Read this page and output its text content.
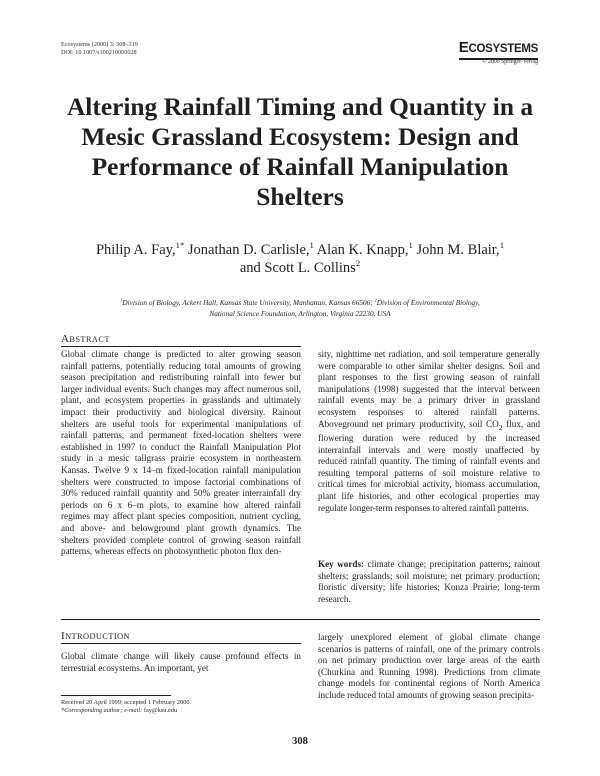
Ecosystems (2000) 3: 308–319
DOI: 10.1007/s100210000028	ECOSYSTEMS
© 2000 Springer-Verlag
Altering Rainfall Timing and Quantity in a Mesic Grassland Ecosystem: Design and Performance of Rainfall Manipulation Shelters
Philip A. Fay,$^{1*}$ Jonathan D. Carlisle,$^1$ Alan K. Knapp,$^1$ John M. Blair,$^1$
and Scott L. Collins$^2$
$^1$Division of Biology, Ackert Hall, Kansas State University, Manhattan, Kansas 66506; $^2$Division of Environmental Biology,
National Science Foundation, Arlington, Virginia 22230, USA
ABSTRACT

Global climate change is predicted to alter growing season rainfall patterns, potentially reducing total amounts of growing season precipitation and redistributing rainfall into fewer but larger individual events. Such changes may affect numerous soil, plant, and ecosystem properties in grasslands and ultimately impact their productivity and biological diversity. Rainout shelters are useful tools for experimental manipulations of rainfall patterns, and permanent fixed-location shelters were established in 1997 to conduct the Rainfall Manipulation Plot study in a mesic tallgrass prairie ecosystem in northeastern Kansas. Twelve 9 x 14–m fixed-location rainfall manipulation shelters were constructed to impose factorial combinations of 30% reduced rainfall quantity and 50% greater interrainfall dry periods on 6 x 6–m plots, to examine how altered rainfall regimes may affect plant species composition, nutrient cycling, and above- and belowground plant growth dynamics. The shelters provided complete control of growing season rainfall patterns, whereas effects on photosynthetic photon flux den-

sity, nighttime net radiation, and soil temperature generally were comparable to other similar shelter designs. Soil and plant responses to the first growing season of rainfall manipulations (1998) suggested that the interval between rainfall events may be a primary driver in grassland ecosystem responses to altered rainfall patterns. Aboveground net primary productivity, soil $CO_2$ flux, and flowering duration were reduced by the increased interrainfall intervals and were mostly unaffected by reduced rainfall quantity. The timing of rainfall events and resulting temporal patterns of soil moisture relative to critical times for microbial activity, biomass accumulation, plant life histories, and other ecological properties may regulate longer-term responses to altered rainfall patterns.

Key words: climate change; precipitation patterns; rainout shelters; grasslands; soil moisture; net primary production; floristic diversity; life histories; Konza Prairie; long-term research.

INTRODUCTION

Global climate change will likely cause profound effects in terrestrial ecosystems. An important, yet

largely unexplored element of global climate change scenarios is patterns of rainfall, one of the primary controls on net primary production over large areas of the earth (Churkina and Running 1998). Predictions from climate change models for continental regions of North America include reduced total amounts of growing season precipita-

Received 20 April 1999; accepted 1 February 2000.
*Corresponding author; e-mail: fay@ksu.edu
308
